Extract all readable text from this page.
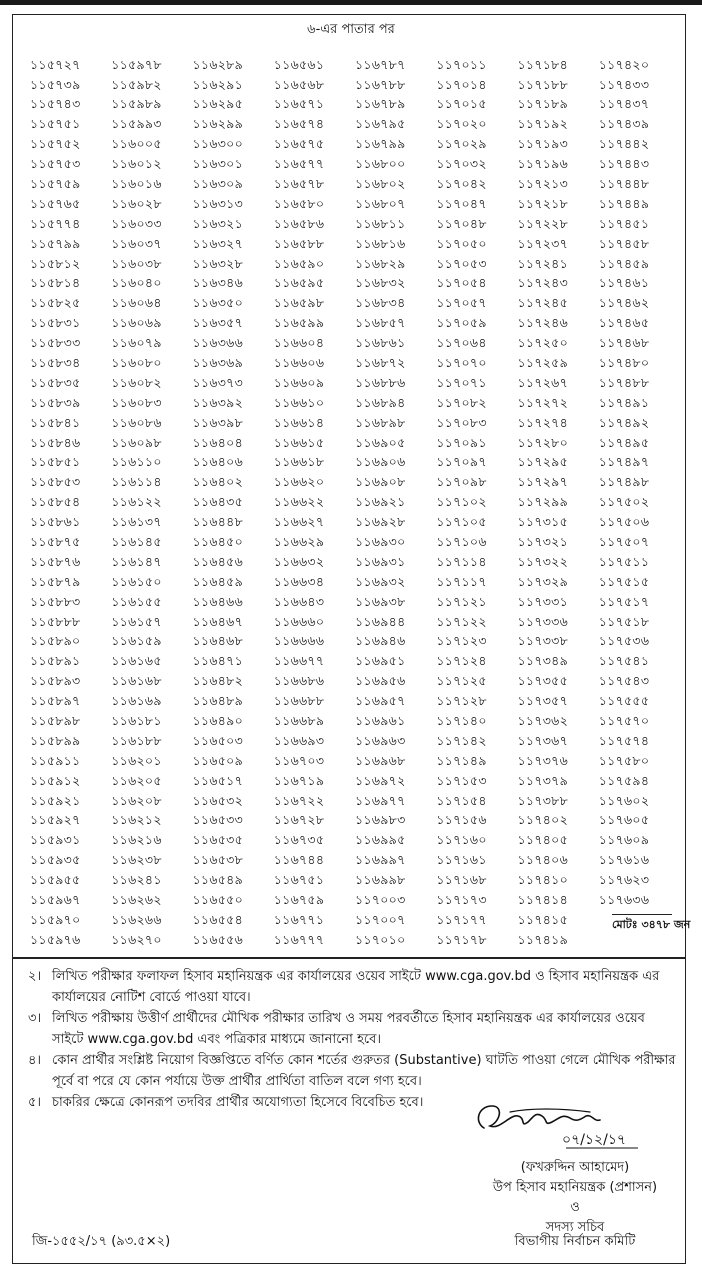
৬-এর পাতার পর
১১৫৭২৭
১১৫৭৩৯
১১৫৭৪৩
১১৫৭৫১
১১৫৭৫২
১১৫৭৫৩
১১৫৭৫৯
১১৫৭৬৫
১১৫৭৭৪
১১৫৭৯৯
১১৫৮১২
১১৫৮১৪
১১৫৮২৫
১১৫৮৩১
১১৫৮৩৩
১১৫৮৩৪
১১৫৮৩৫
১১৫৮৩৯
১১৫৮৪১
১১৫৮৪৬
১১৫৮৫১
১১৫৮৫৩
১১৫৮৫৪
১১৫৮৬১
১১৫৮৭৫
১১৫৮৭৬
১১৫৮৭৯
১১৫৮৮৩
১১৫৮৮৮
১১৫৮৯০
১১৫৮৯১
১১৫৮৯৩
১১৫৮৯৭
১১৫৮৯৮
১১৫৮৯৯
১১৫৯১১
১১৫৯১২
১১৫৯২১
১১৫৯২৭
১১৫৯৩১
১১৫৯৩৫
১১৫৯৫৫
১১৫৯৬৭
১১৫৯৭০
১১৫৯৭৬
১১৫৯৭৮
১১৫৯৮২
১১৫৯৮৯
১১৫৯৯৩
১১৬০০৫
১১৬০১২
১১৬০১৬
১১৬০২৮
১১৬০৩৩
১১৬০৩৭
১১৬০৩৮
১১৬০৪০
১১৬০৬৪
১১৬০৬৯
১১৬০৭৯
১১৬০৮০
১১৬০৮২
১১৬০৮৩
১১৬০৮৬
১১৬০৯৮
১১৬১১০
১১৬১১৪
১১৬১২২
১১৬১৩৭
১১৬১৪৫
১১৬১৪৭
১১৬১৫০
১১৬১৫৫
১১৬১৫৭
১১৬১৫৯
১১৬১৬৫
১১৬১৬৮
১১৬১৬৯
১১৬১৮১
১১৬১৮৮
১১৬২০১
১১৬২০৫
১১৬২০৮
১১৬২১২
১১৬২১৬
১১৬২৩৮
১১৬২৪১
১১৬২৬২
১১৬২৬৬
১১৬২৭০
১১৬২৮৯
১১৬২৯১
১১৬২৯৫
১১৬২৯৯
১১৬৩০০
১১৬৩০১
১১৬৩০৯
১১৬৩১৩
১১৬৩২১
১১৬৩২৭
১১৬৩২৮
১১৬৩৪৬
১১৬৩৫০
১১৬৩৫৭
১১৬৩৬৬
১১৬৩৬৯
১১৬৩৭৩
১১৬৩৯২
১১৬৩৯৮
১১৬৪০৪
১১৬৪০৬
১১৬৪০২
১১৬৪৩৫
১১৬৪৪৮
১১৬৪৫০
১১৬৪৫৬
১১৬৪৫৯
১১৬৪৬৬
১১৬৪৬৭
১১৬৪৬৮
১১৬৪৭১
১১৬৪৮২
১১৬৪৮৯
১১৬৪৯০
১১৬৫০৩
১১৬৫০৯
১১৬৫১৭
১১৬৫৩২
১১৬৫৩৩
১১৬৫৩৫
১১৬৫৩৮
১১৬৫৪৯
১১৬৫৫০
১১৬৫৫৪
১১৬৫৫৬
১১৬৫৬১
১১৬৫৬৮
১১৬৫৭১
১১৬৫৭৪
১১৬৫৭৫
১১৬৫৭৭
১১৬৫৭৮
১১৬৫৮০
১১৬৫৮৬
১১৬৫৮৮
১১৬৫৯০
১১৬৫৯৫
১১৬৫৯৮
১১৬৫৯৯
১১৬৬০৪
১১৬৬০৬
১১৬৬০৯
১১৬৬১০
১১৬৬১৪
১১৬৬১৫
১১৬৬১৮
১১৬৬২০
১১৬৬২২
১১৬৬২৭
১১৬৬২৯
১১৬৬৩২
১১৬৬৩৪
১১৬৬৪৩
১১৬৬৬০
১১৬৬৬৬
১১৬৬৭৭
১১৬৬৮৬
১১৬৬৮৮
১১৬৬৮৯
১১৬৬৯৩
১১৬৭০৩
১১৬৭১৯
১১৬৭২২
১১৬৭২৮
১১৬৭৩৫
১১৬৭৪৪
১১৬৭৫১
১১৬৭৫৯
১১৬৭৭১
১১৬৭৭৭
১১৬৭৮৭
১১৬৭৮৮
১১৬৭৮৯
১১৬৭৯৫
১১৬৭৯৯
১১৬৮০০
১১৬৮০২
১১৬৮০৭
১১৬৮১১
১১৬৮১৬
১১৬৮২৯
১১৬৮৩২
১১৬৮৩৪
১১৬৮৫৭
১১৬৮৬১
১১৬৮৭২
১১৬৮৮৬
১১৬৮৯৪
১১৬৮৯৮
১১৬৯০৫
১১৬৯০৬
১১৬৯০৮
১১৬৯২১
১১৬৯২৮
১১৬৯৩০
১১৬৯৩১
১১৬৯৩২
১১৬৯৩৮
১১৬৯৪৪
১১৬৯৪৬
১১৬৯৫১
১১৬৯৫৬
১১৬৯৫৭
১১৬৯৬১
১১৬৯৬৩
১১৬৯৬৮
১১৬৯৭২
১১৬৯৭৭
১১৬৯৮৩
১১৬৯৯৫
১১৬৯৯৭
১১৬৯৯৮
১১৭০০৩
১১৭০০৭
১১৭০১০
১১৭০১১
১১৭০১৪
১১৭০১৫
১১৭০২০
১১৭০২৯
১১৭০৩২
১১৭০৪২
১১৭০৪৭
১১৭০৪৮
১১৭০৫০
১১৭০৫৩
১১৭০৫৪
১১৭০৫৭
১১৭০৫৯
১১৭০৬৪
১১৭০৭০
১১৭০৭১
১১৭০৮২
১১৭০৮৩
১১৭০৯১
১১৭০৯৭
১১৭০৯৮
১১৭১০২
১১৭১০৫
১১৭১০৬
১১৭১১৪
১১৭১১৭
১১৭১২১
১১৭১২২
১১৭১২৩
১১৭১২৪
১১৭১২৫
১১৭১২৮
১১৭১৪০
১১৭১৪২
১১৭১৪৯
১১৭১৫৩
১১৭১৫৪
১১৭১৫৬
১১৭১৬০
১১৭১৬১
১১৭১৬৮
১১৭১৭৩
১১৭১৭৭
১১৭১৭৮
১১৭১৮৪
১১৭১৮৮
১১৭১৮৯
১১৭১৯২
১১৭১৯৩
১১৭১৯৬
১১৭২১৩
১১৭২১৮
১১৭২২৮
১১৭২৩৭
১১৭২৪১
১১৭২৪৩
১১৭২৪৫
১১৭২৪৬
১১৭২৫০
১১৭২৫৯
১১৭২৬৭
১১৭২৭২
১১৭২৭৪
১১৭২৮০
১১৭২৯৫
১১৭২৯৭
১১৭২৯৯
১১৭৩১৫
১১৭৩২১
১১৭৩২২
১১৭৩২৯
১১৭৩৩১
১১৭৩৩৬
১১৭৩৩৮
১১৭৩৪৯
১১৭৩৫৫
১১৭৩৫৭
১১৭৩৬২
১১৭৩৬৭
১১৭৩৭৬
১১৭৩৭৯
১১৭৩৮৮
১১৭৪০২
১১৭৪০৫
১১৭৪০৬
১১৭৪১০
১১৭৪১৪
১১৭৪১৫
১১৭৪১৯
১১৭৪২০
১১৭৪৩৩
১১৭৪৩৭
১১৭৪৩৯
১১৭৪৪২
১১৭৪৪৩
১১৭৪৪৮
১১৭৪৪৯
১১৭৪৫১
১১৭৪৫৮
১১৭৪৫৯
১১৭৪৬১
১১৭৪৬২
১১৭৪৬৫
১১৭৪৬৮
১১৭৪৮০
১১৭৪৮৮
১১৭৪৯১
১১৭৪৯২
১১৭৪৯৫
১১৭৪৯৭
১১৭৪৯৮
১১৭৫০২
১১৭৫০৬
১১৭৫০৭
১১৭৫১১
১১৭৫১৫
১১৭৫১৭
১১৭৫১৮
১১৭৫৩৬
১১৭৫৪১
১১৭৫৪৩
১১৭৫৫৫
১১৭৫৭০
১১৭৫৭৪
১১৭৫৮০
১১৭৫৯৪
১১৭৬০২
১১৭৬০৫
১১৭৬০৯
১১৭৬১৬
১১৭৬২৩
১১৭৬৩৬
মোটঃ ৩৪৭৮ জন
২। লিখিত পরীক্ষার ফলাফল হিসাব মহানিয়ন্ত্রক এর কার্যালয়ের ওয়েব সাইটে www.cga.gov.bd ও হিসাব মহানিয়ন্ত্রক এর কার্যালয়ের নোটিশ বোর্ডে পাওয়া যাবে।
৩। লিখিত পরীক্ষায় উত্তীর্ণ প্রার্থীদের মৌখিক পরীক্ষার তারিখ ও সময় পরবর্তীতে হিসাব মহানিয়ন্ত্রক এর কার্যালয়ের ওয়েব সাইটে www.cga.gov.bd এবং পত্রিকার মাধ্যমে জানানো হবে।
৪। কোন প্রার্থীর সংশ্লিষ্ট নিয়োগ বিজ্ঞপ্তিতে বর্ণিত কোন শর্তের গুরুতর (Substantive) ঘাটতি পাওয়া গেলে মৌখিক পরীক্ষার পূর্বে বা পরে যে কোন পর্যায়ে উক্ত প্রার্থীর প্রার্থিতা বাতিল বলে গণ্য হবে।
৫। চাকরির ক্ষেত্রে কোনরূপ তদবির প্রার্থীর অযোগ্যতা হিসেবে বিবেচিত হবে।
০৭/১২/১৭
(ফখরুদ্দিন আহামেদ)
উপ হিসাব মহানিয়ন্ত্রক (প্রশাসন)
ও
সদস্য সচিব
বিভাগীয় নির্বাচন কমিটি
জি-১৫৫২/১৭ (৯৩.৫×২)
